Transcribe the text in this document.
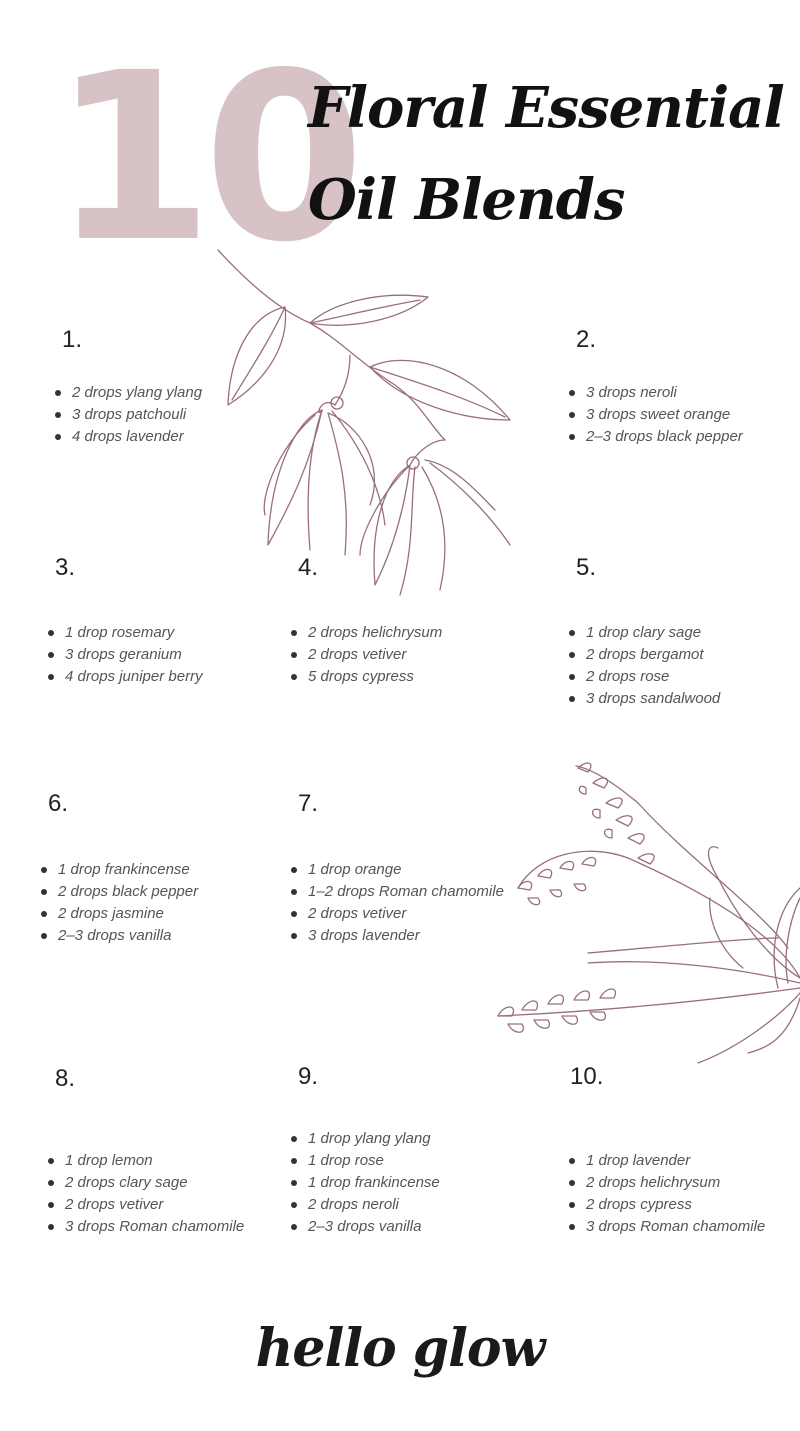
10
Floral Essential
Oil Blends
1.
2 drops ylang ylang
3 drops patchouli
4 drops lavender
2.
3 drops neroli
3 drops sweet orange
2–3 drops black pepper
3.
1 drop rosemary
3 drops geranium
4 drops juniper berry
4.
2 drops helichrysum
2 drops vetiver
5 drops cypress
5.
1 drop clary sage
2 drops bergamot
2 drops rose
3 drops sandalwood
6.
1 drop frankincense
2 drops black pepper
2 drops jasmine
2–3 drops vanilla
7.
1 drop orange
1–2 drops Roman chamomile
2 drops vetiver
3 drops lavender
8.
1 drop lemon
2 drops clary sage
2 drops vetiver
3 drops Roman chamomile
9.
1 drop ylang ylang
1 drop rose
1 drop frankincense
2 drops neroli
2–3 drops vanilla
10.
1 drop lavender
2 drops helichrysum
2 drops cypress
3 drops Roman chamomile
hello glow
